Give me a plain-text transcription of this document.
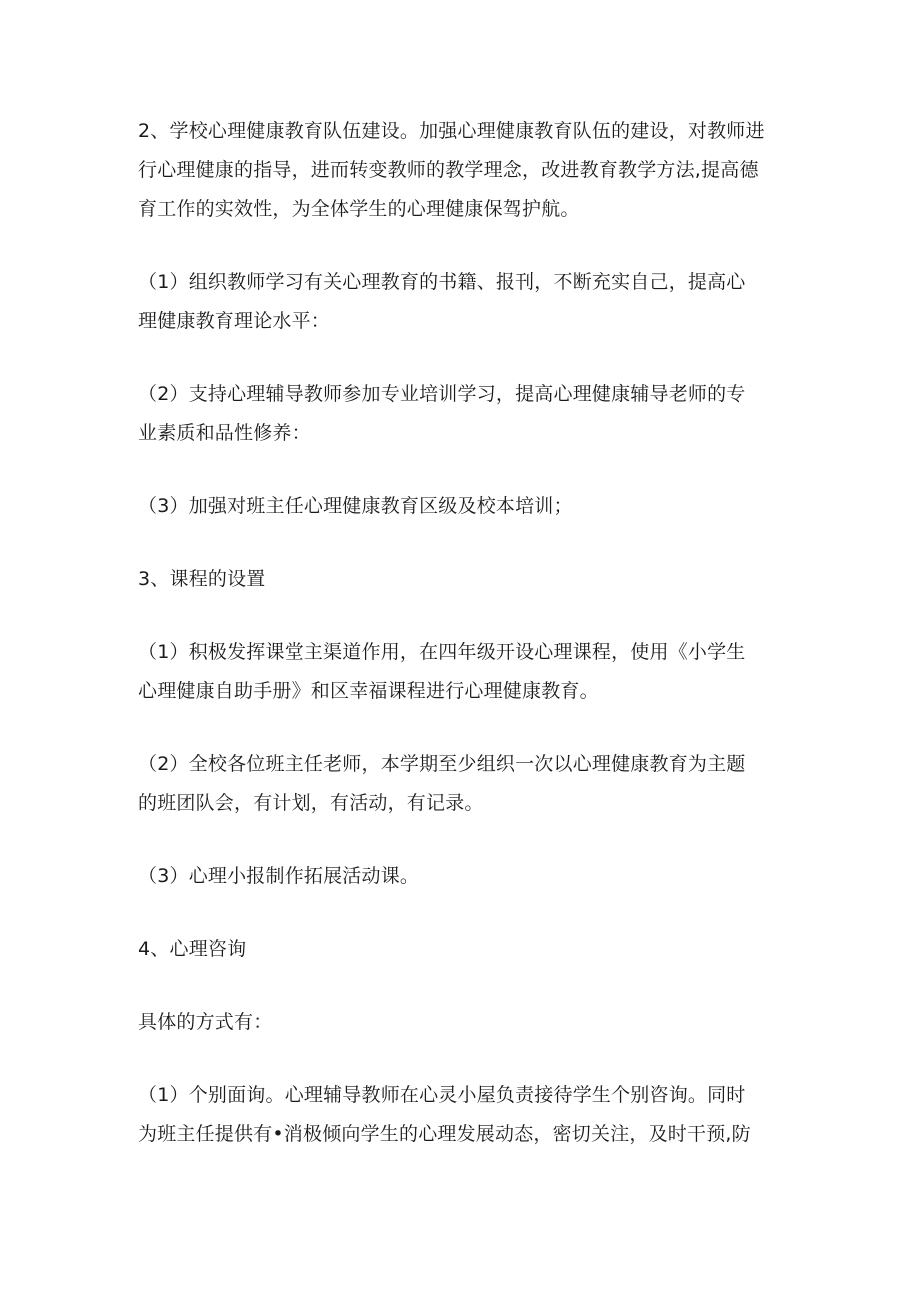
2、学校心理健康教育队伍建设。加强心理健康教育队伍的建设，对教师进
行心理健康的指导，进而转变教师的教学理念，改进教育教学方法,提高德
育工作的实效性，为全体学生的心理健康保驾护航。

（1）组织教师学习有关心理教育的书籍、报刊，不断充实自己，提高心
理健康教育理论水平：

（2）支持心理辅导教师参加专业培训学习，提高心理健康辅导老师的专
业素质和品性修养：

（3）加强对班主任心理健康教育区级及校本培训；

3、课程的设置

（1）积极发挥课堂主渠道作用，在四年级开设心理课程，使用《小学生
心理健康自助手册》和区幸福课程进行心理健康教育。

（2）全校各位班主任老师，本学期至少组织一次以心理健康教育为主题
的班团队会，有计划，有活动，有记录。

（3）心理小报制作拓展活动课。

4、心理咨询

具体的方式有：

（1）个别面询。心理辅导教师在心灵小屋负责接待学生个别咨询。同时
为班主任提供有•消极倾向学生的心理发展动态，密切关注，及时干预,防
